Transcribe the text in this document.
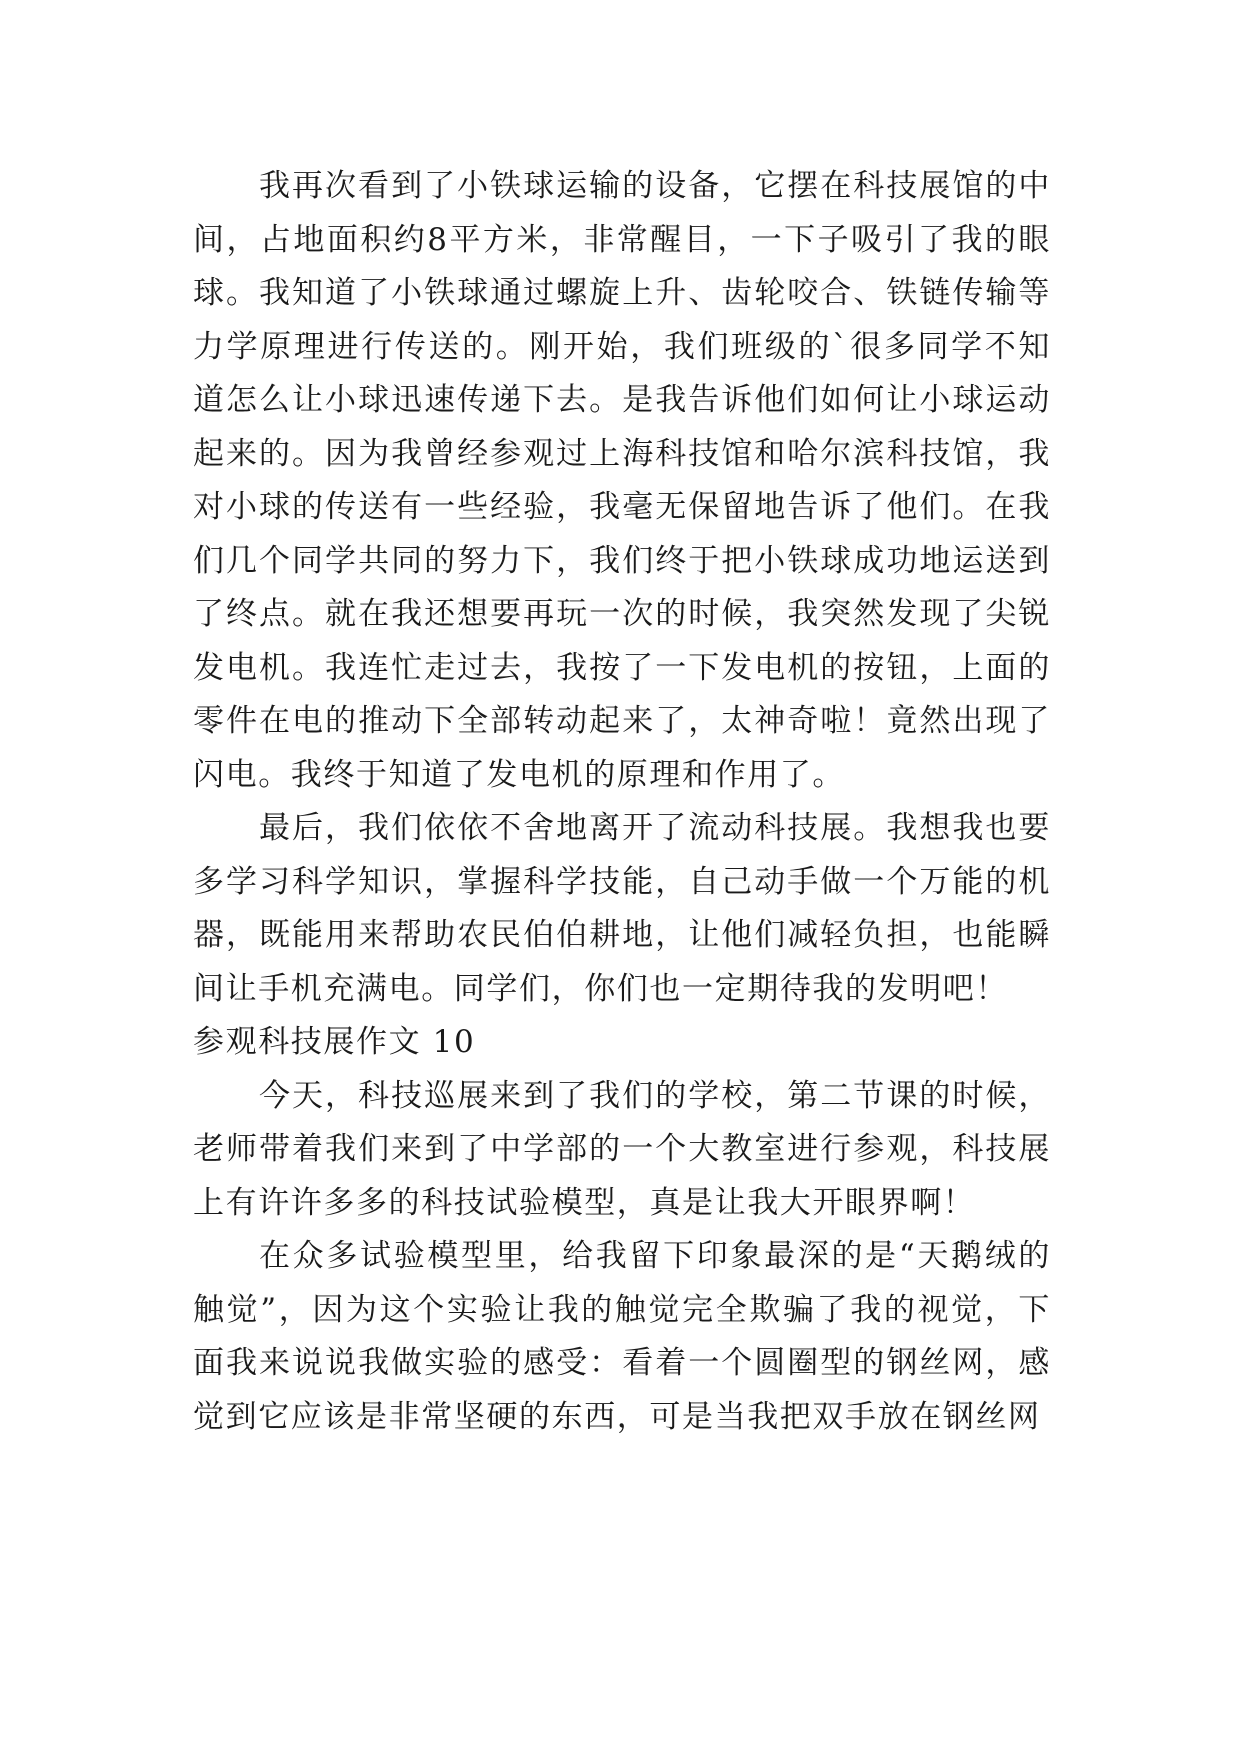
我再次看到了小铁球运输的设备，它摆在科技展馆的中间，占地面积约8平方米，非常醒目，一下子吸引了我的眼球。我知道了小铁球通过螺旋上升、齿轮咬合、铁链传输等力学原理进行传送的。刚开始，我们班级的`很多同学不知道怎么让小球迅速传递下去。是我告诉他们如何让小球运动起来的。因为我曾经参观过上海科技馆和哈尔滨科技馆，我对小球的传送有一些经验，我毫无保留地告诉了他们。在我们几个同学共同的努力下，我们终于把小铁球成功地运送到了终点。就在我还想要再玩一次的时候，我突然发现了尖锐发电机。我连忙走过去，我按了一下发电机的按钮，上面的零件在电的推动下全部转动起来了，太神奇啦！竟然出现了闪电。我终于知道了发电机的原理和作用了。

最后，我们依依不舍地离开了流动科技展。我想我也要多学习科学知识，掌握科学技能，自己动手做一个万能的机器，既能用来帮助农民伯伯耕地，让他们减轻负担，也能瞬间让手机充满电。同学们，你们也一定期待我的发明吧！

参观科技展作文 10

今天，科技巡展来到了我们的学校，第二节课的时候，老师带着我们来到了中学部的一个大教室进行参观，科技展上有许许多多的科技试验模型，真是让我大开眼界啊！

在众多试验模型里，给我留下印象最深的是“天鹅绒的触觉”，因为这个实验让我的触觉完全欺骗了我的视觉，下面我来说说我做实验的感受：看着一个圆圈型的钢丝网，感觉到它应该是非常坚硬的东西，可是当我把双手放在钢丝网
